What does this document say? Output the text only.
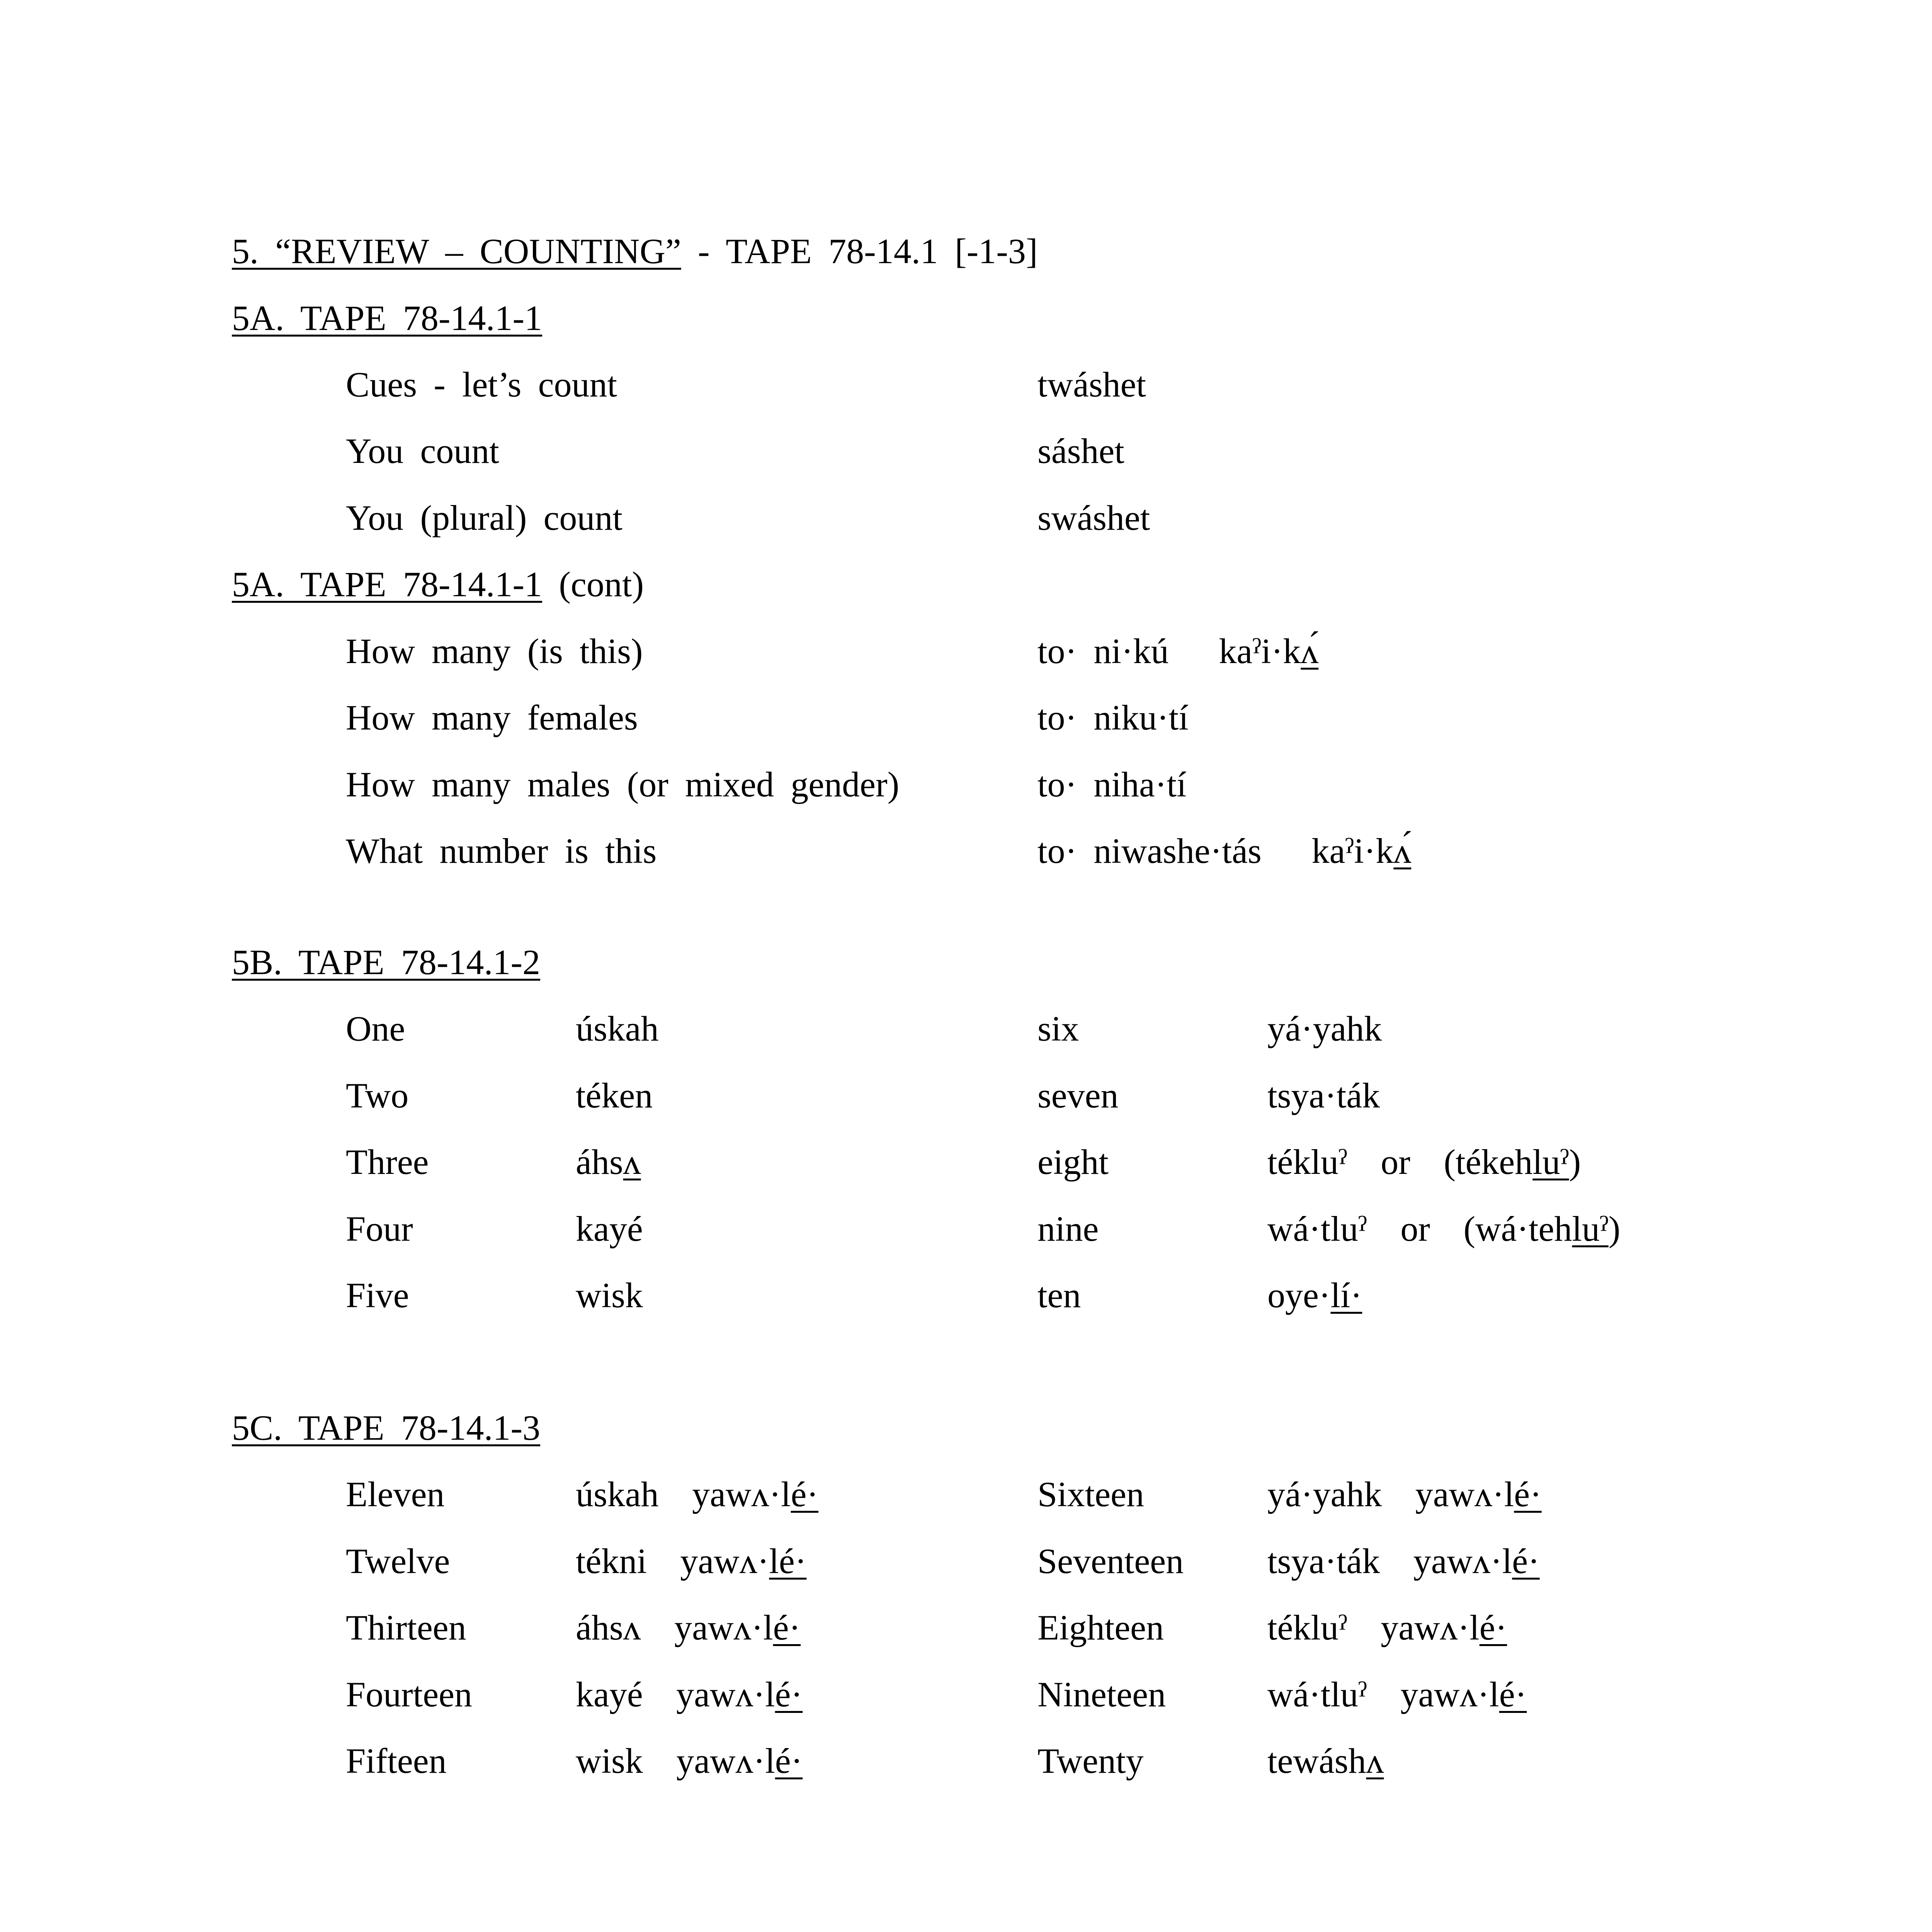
5. “REVIEW – COUNTING” - TAPE 78-14.1 [-1-3]
5A. TAPE 78-14.1-1
Cues - let’s count	twáshet
You count	sáshet
You (plural) count	swáshet
5A. TAPE 78-14.1-1 (cont)
How many (is this)	to· ni·kú   kaˀi·kʌ́
How many females	to· niku·tí
How many males (or mixed gender)	to· niha·tí
What number is this	to· niwashe·tás   kaˀi·kʌ́
5B. TAPE 78-14.1-2
One	úskah	six	yá·yahk
Two	téken	seven	tsya·ták
Three	áhsʌ	eight	tékluˀ  or  (tékehluˀ)
Four	kayé	nine	wá·tluˀ  or  (wá·tehluˀ)
Five	wisk	ten	oye·lí·
5C. TAPE 78-14.1-3
Eleven	úskah  yawʌ·lé·	Sixteen	yá·yahk  yawʌ·lé·
Twelve	tékni  yawʌ·lé·	Seventeen tsya·ták  yawʌ·lé·
Thirteen	áhsʌ  yawʌ·lé·	Eighteen	tékluˀ  yawʌ·lé·
Fourteen	kayé  yawʌ·lé·	Nineteen	wá·tluˀ  yawʌ·lé·
Fifteen	wisk  yawʌ·lé·	Twenty	tewáshʌ
